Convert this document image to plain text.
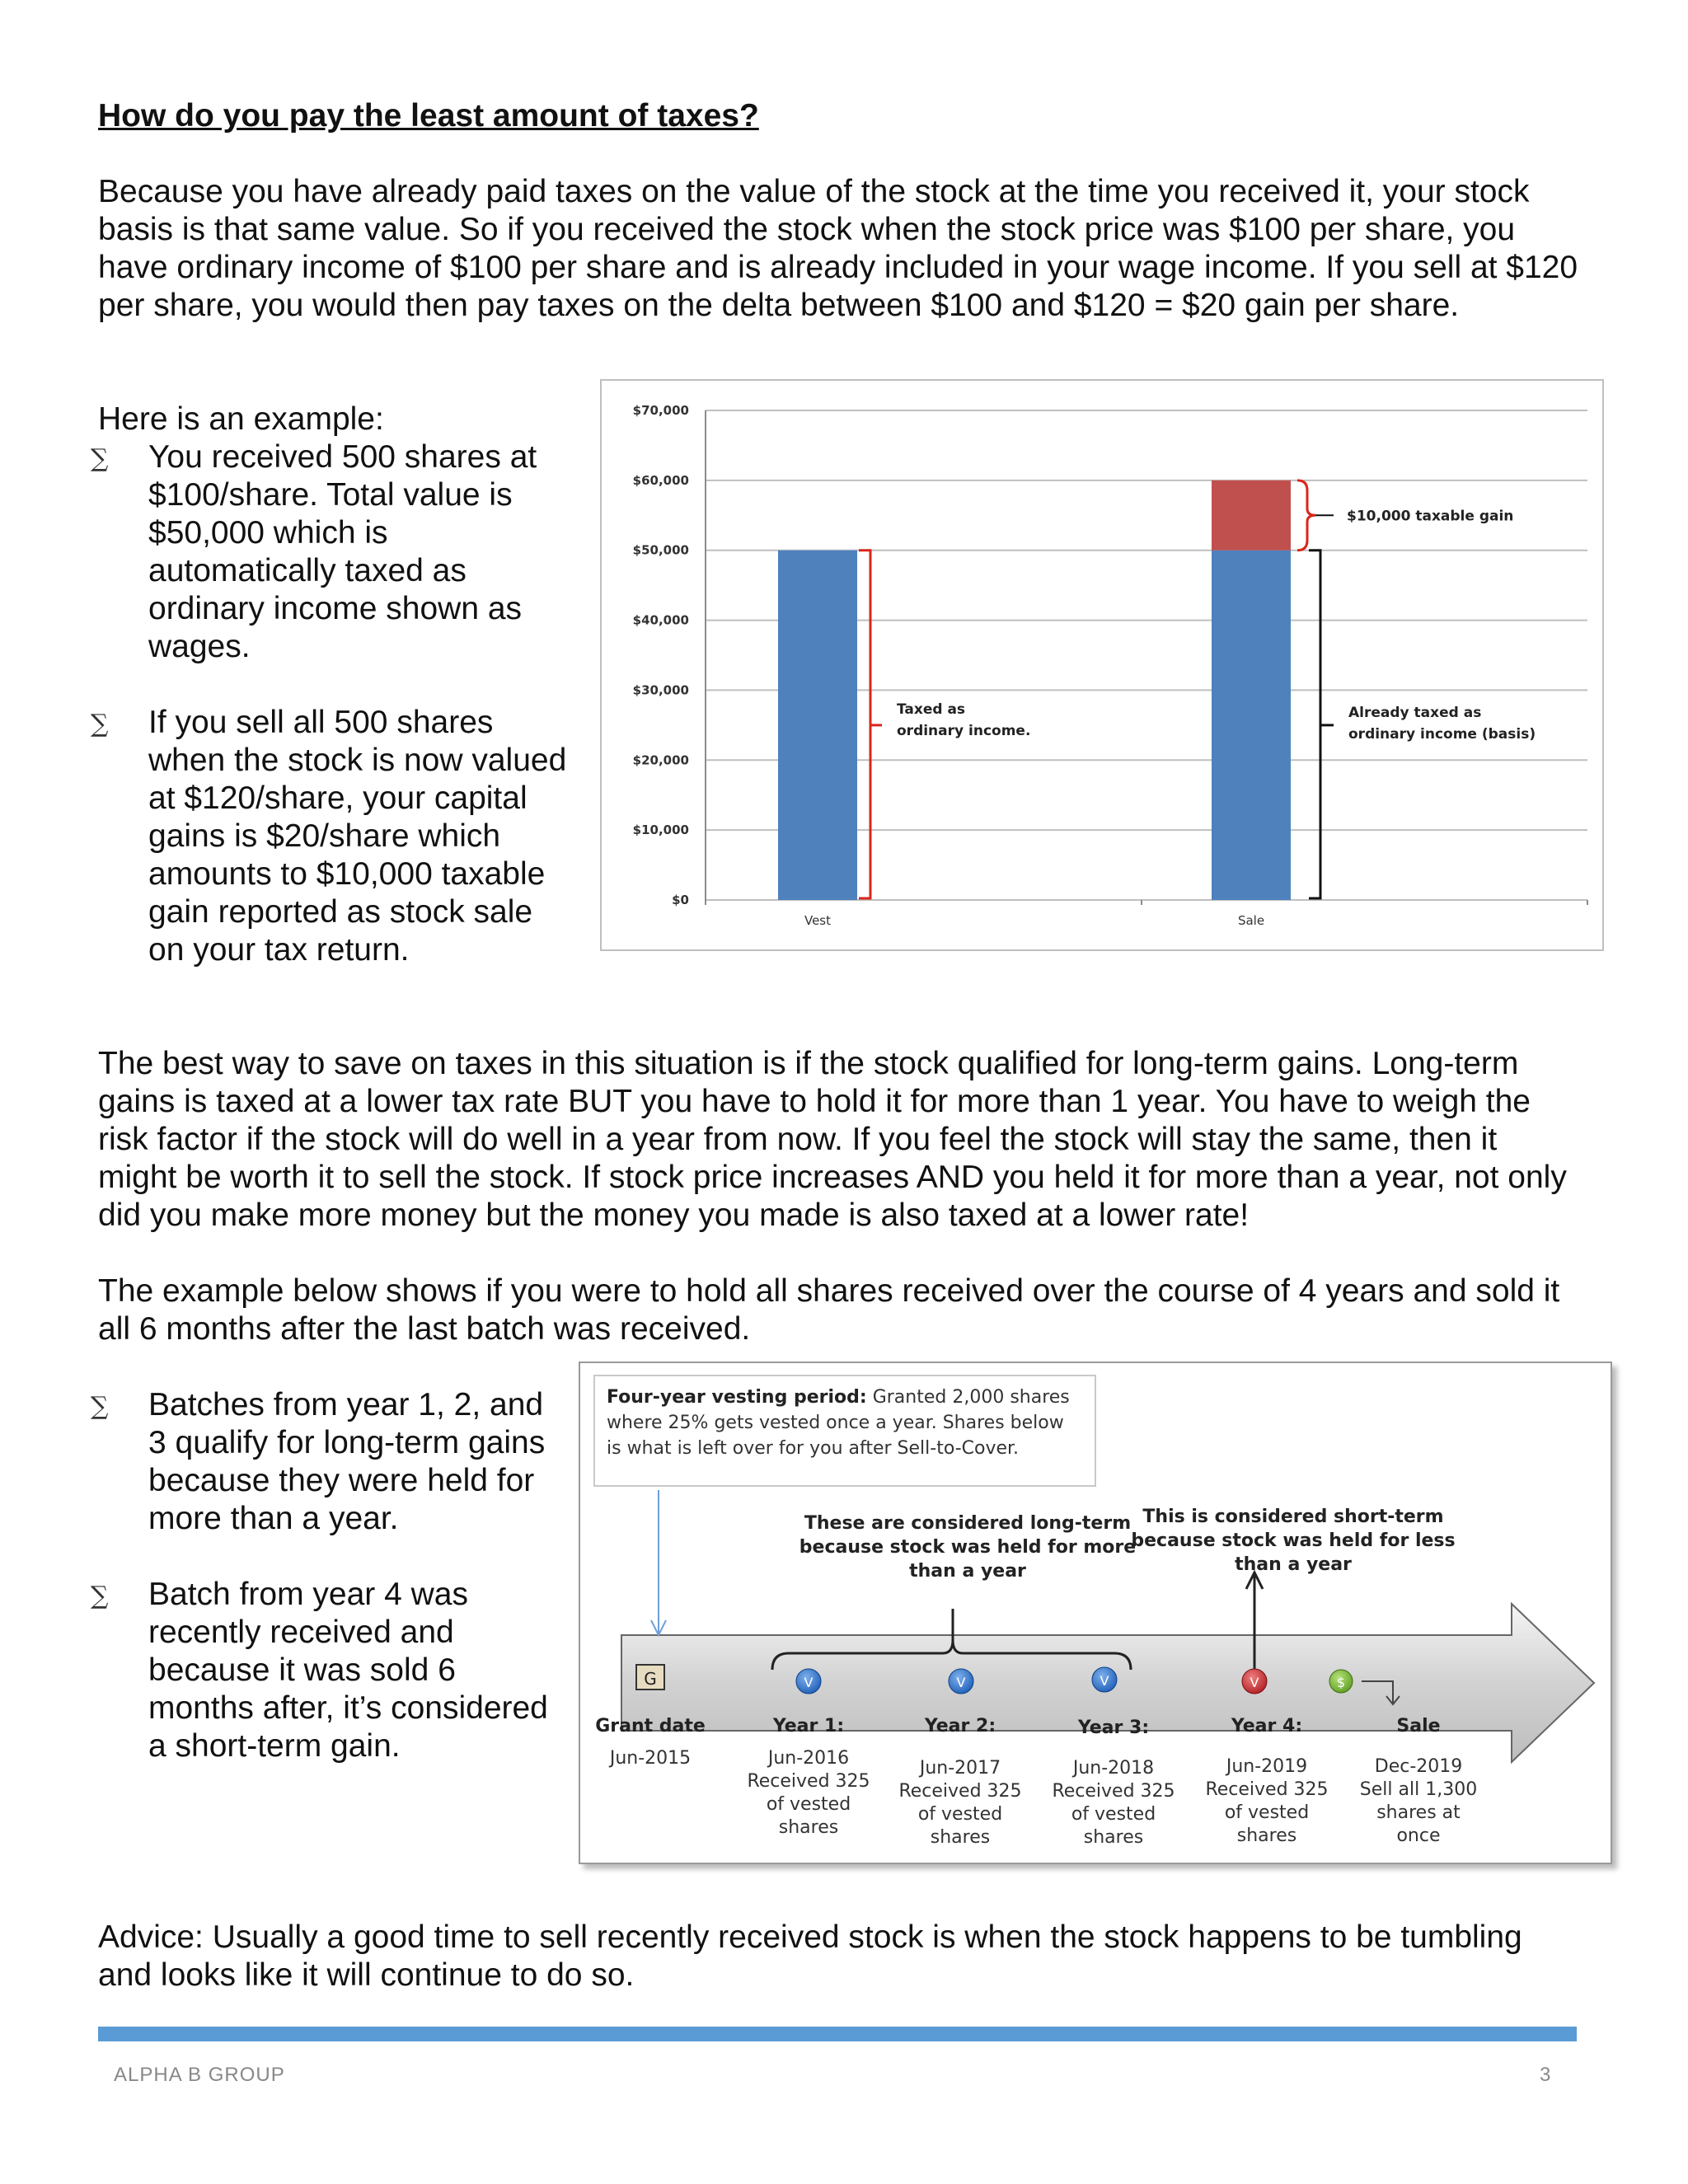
How do you pay the least amount of taxes?

Because you have already paid taxes on the value of the stock at the time you received it, your stock basis is that same value. So if you received the stock when the stock price was $100 per share, you have ordinary income of $100 per share and is already included in your wage income. If you sell at $120 per share, you would then pay taxes on the delta between $100 and $120 = $20 gain per share.

Here is an example:

∑ You received 500 shares at $100/share. Total value is $50,000 which is automatically taxed as ordinary income shown as wages.
∑ If you sell all 500 shares when the stock is now valued at $120/share, your capital gains is $20/share which amounts to $10,000 taxable gain reported as stock sale on your tax return.
$0
$10,000
$20,000
$30,000
$40,000
$50,000
$60,000
$70,000
Vest	Sale
Taxed as
ordinary income.
$10,000 taxable gain
Already taxed as
ordinary income (basis)

The best way to save on taxes in this situation is if the stock qualified for long-term gains. Long-term gains is taxed at a lower tax rate BUT you have to hold it for more than 1 year. You have to weigh the risk factor if the stock will do well in a year from now. If you feel the stock will stay the same, then it might be worth it to sell the stock. If stock price increases AND you held it for more than a year, not only did you make more money but the money you made is also taxed at a lower rate!

The example below shows if you were to hold all shares received over the course of 4 years and sold it all 6 months after the last batch was received.

∑ Batches from year 1, 2, and 3 qualify for long-term gains because they were held for more than a year.
∑ Batch from year 4 was recently received and because it was sold 6 months after, it’s considered a short-term gain.
Four-year vesting period: Granted 2,000 shares where 25% gets vested once a year. Shares below is what is left over for you after Sell-to-Cover.
These are considered long-term
because stock was held for more
than a year
This is considered short-term
because stock was held for less
than a year
G	V	V	V	V	$
Grant date
Jun-2015
Year 1:
Jun-2016
Received 325
of vested
shares
Year 2:
Jun-2017
Received 325
of vested
shares
Year 3:
Jun-2018
Received 325
of vested
shares
Year 4:
Jun-2019
Received 325
of vested
shares
Sale
Dec-2019
Sell all 1,300
shares at
once

Advice: Usually a good time to sell recently received stock is when the stock happens to be tumbling and looks like it will continue to do so.

ALPHA B GROUP	3
